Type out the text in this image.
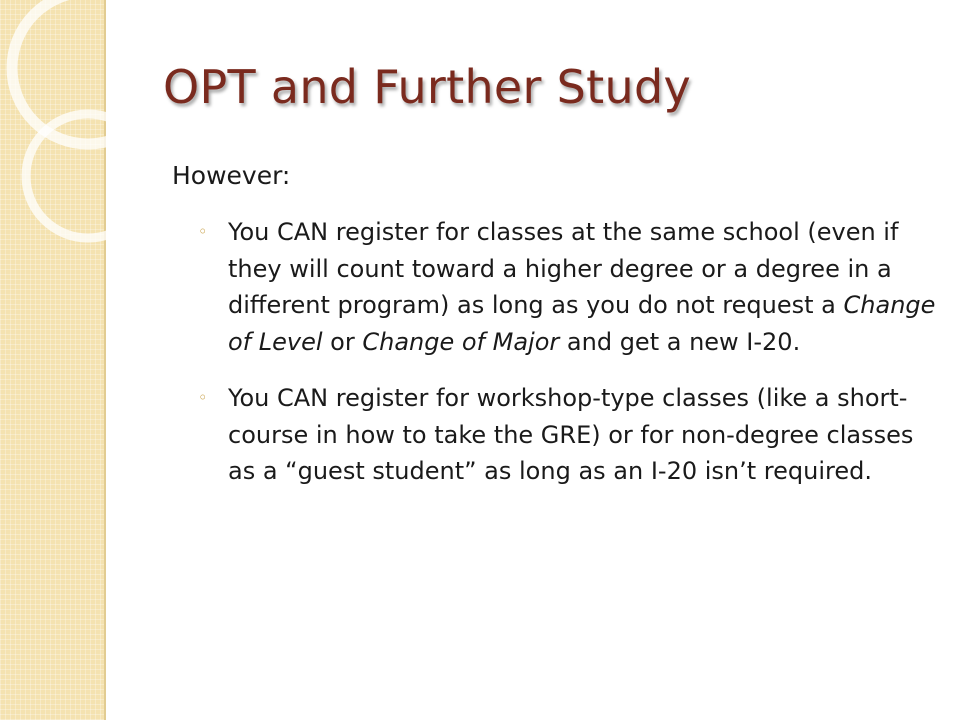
OPT and Further Study

However:

◦ You CAN register for classes at the same school (even if they will count toward a higher degree or a degree in a different program) as long as you do not request a Change of Level or Change of Major and get a new I-20.
◦ You CAN register for workshop-type classes (like a short-course in how to take the GRE) or for non-degree classes as a “guest student” as long as an I-20 isn’t required.
